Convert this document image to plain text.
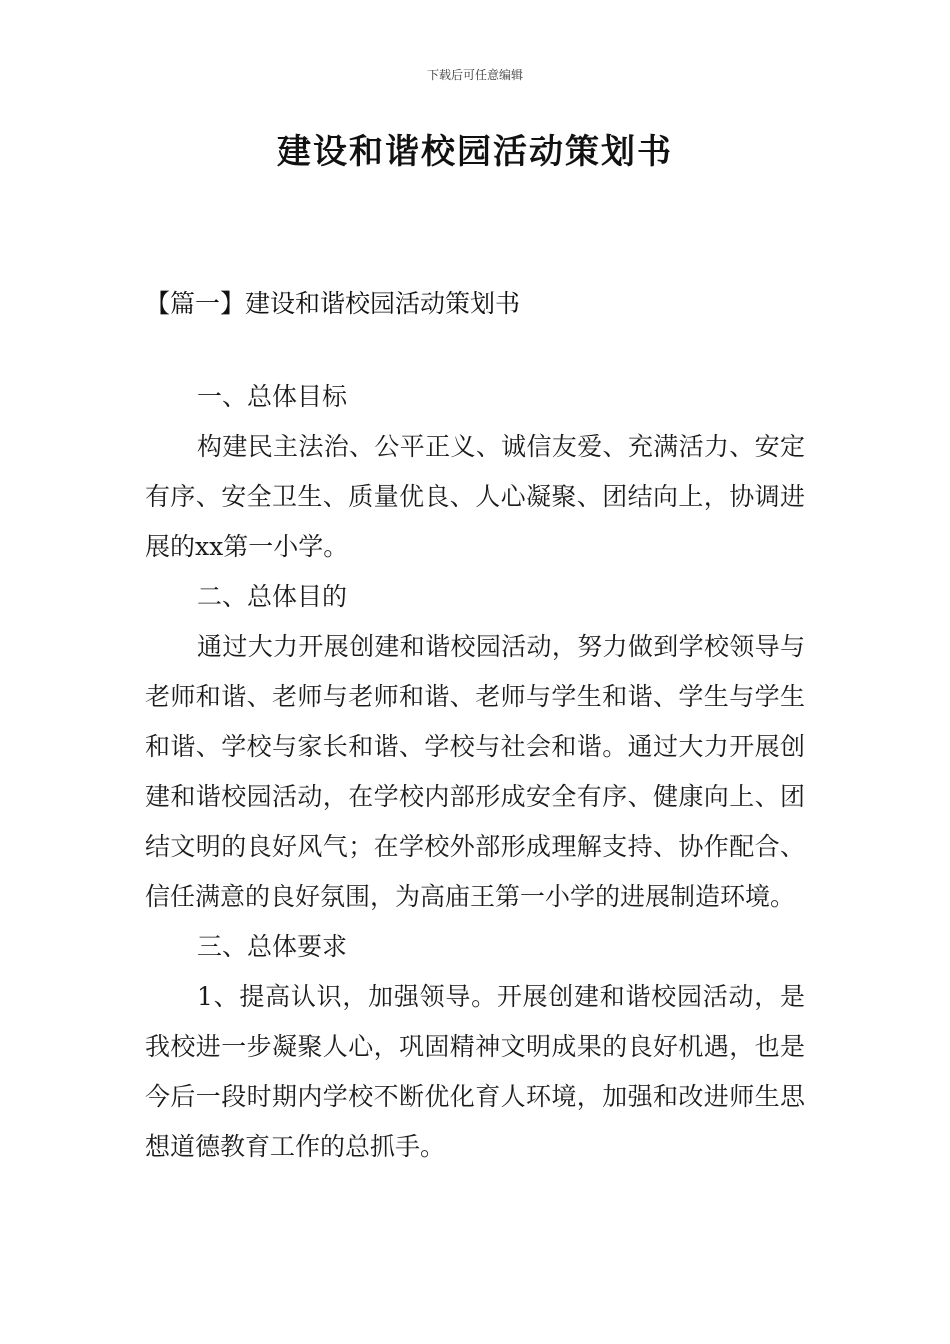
下载后可任意编辑
建设和谐校园活动策划书
【篇一】建设和谐校园活动策划书

一、总体目标

构建民主法治、公平正义、诚信友爱、充满活力、安定有序、安全卫生、质量优良、人心凝聚、团结向上，协调进展的xx第一小学。

二、总体目的

通过大力开展创建和谐校园活动，努力做到学校领导与老师和谐、老师与老师和谐、老师与学生和谐、学生与学生和谐、学校与家长和谐、学校与社会和谐。通过大力开展创建和谐校园活动，在学校内部形成安全有序、健康向上、团结文明的良好风气；在学校外部形成理解支持、协作配合、信任满意的良好氛围，为高庙王第一小学的进展制造环境。

三、总体要求

1、提高认识，加强领导。开展创建和谐校园活动，是我校进一步凝聚人心，巩固精神文明成果的良好机遇，也是今后一段时期内学校不断优化育人环境，加强和改进师生思想道德教育工作的总抓手。
